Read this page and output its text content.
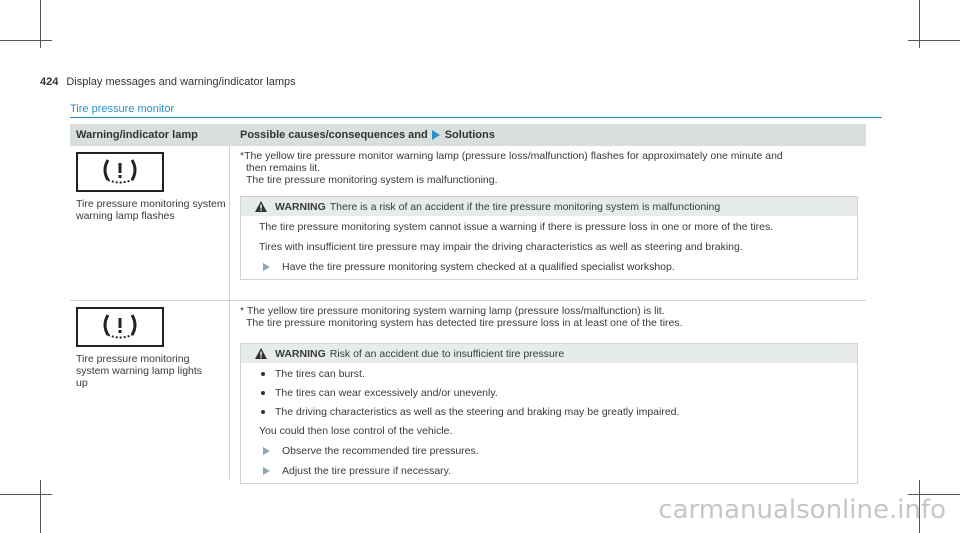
424 Display messages and warning/indicator lamps
Tire pressure monitor
Warning/indicator lamp	Possible causes/consequences and Solutions
Tire pressure monitoring system warning lamp flashes
*The yellow tire pressure monitor warning lamp (pressure loss/malfunction) flashes for approximately one minute and
then remains lit.
The tire pressure monitoring system is malfunctioning.
WARNING There is a risk of an accident if the tire pressure monitoring system is malfunctioning

The tire pressure monitoring system cannot issue a warning if there is pressure loss in one or more of the tires.

Tires with insufficient tire pressure may impair the driving characteristics as well as steering and braking.

Have the tire pressure monitoring system checked at a qualified specialist workshop.
Tire pressure monitoring system warning lamp lights up
* The yellow tire pressure monitoring system warning lamp (pressure loss/malfunction) is lit.
The tire pressure monitoring system has detected tire pressure loss in at least one of the tires.
WARNING Risk of an accident due to insufficient tire pressure
The tires can burst.
The tires can wear excessively and/or unevenly.
The driving characteristics as well as the steering and braking may be greatly impaired.

You could then lose control of the vehicle.

Observe the recommended tire pressures.
Adjust the tire pressure if necessary.
carmanualsonline.info
